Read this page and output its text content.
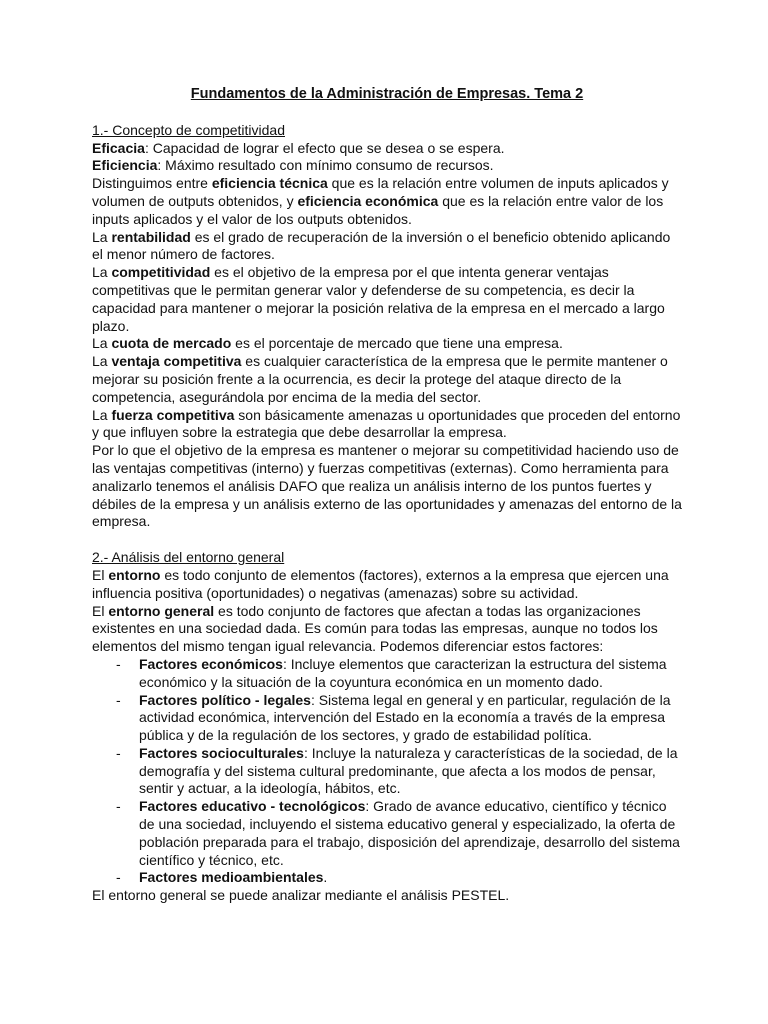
Fundamentos de la Administración de Empresas. Tema 2
1.- Concepto de competitividad

Eficacia: Capacidad de lograr el efecto que se desea o se espera.

Eficiencia: Máximo resultado con mínimo consumo de recursos.

Distinguimos entre eficiencia técnica que es la relación entre volumen de inputs aplicados y volumen de outputs obtenidos, y eficiencia económica que es la relación entre valor de los inputs aplicados y el valor de los outputs obtenidos.

La rentabilidad es el grado de recuperación de la inversión o el beneficio obtenido aplicando el menor número de factores.

La competitividad es el objetivo de la empresa por el que intenta generar ventajas competitivas que le permitan generar valor y defenderse de su competencia, es decir la capacidad para mantener o mejorar la posición relativa de la empresa en el mercado a largo plazo.

La cuota de mercado es el porcentaje de mercado que tiene una empresa.

La ventaja competitiva es cualquier característica de la empresa que le permite mantener o mejorar su posición frente a la ocurrencia, es decir la protege del ataque directo de la competencia, asegurándola por encima de la media del sector.

La fuerza competitiva son básicamente amenazas u oportunidades que proceden del entorno y que influyen sobre la estrategia que debe desarrollar la empresa.

Por lo que el objetivo de la empresa es mantener o mejorar su competitividad haciendo uso de las ventajas competitivas (interno) y fuerzas competitivas (externas). Como herramienta para analizarlo tenemos el análisis DAFO que realiza un análisis interno de los puntos fuertes y débiles de la empresa y un análisis externo de las oportunidades y amenazas del entorno de la empresa.

2.- Análisis del entorno general

El entorno es todo conjunto de elementos (factores), externos a la empresa que ejercen una influencia positiva (oportunidades) o negativas (amenazas) sobre su actividad.

El entorno general es todo conjunto de factores que afectan a todas las organizaciones existentes en una sociedad dada. Es común para todas las empresas, aunque no todos los elementos del mismo tengan igual relevancia. Podemos diferenciar estos factores:

- Factores económicos: Incluye elementos que caracterizan la estructura del sistema económico y la situación de la coyuntura económica en un momento dado.
- Factores político - legales: Sistema legal en general y en particular, regulación de la actividad económica, intervención del Estado en la economía a través de la empresa pública y de la regulación de los sectores, y grado de estabilidad política.
- Factores socioculturales: Incluye la naturaleza y características de la sociedad, de la demografía y del sistema cultural predominante, que afecta a los modos de pensar, sentir y actuar, a la ideología, hábitos, etc.
- Factores educativo - tecnológicos: Grado de avance educativo, científico y técnico de una sociedad, incluyendo el sistema educativo general y especializado, la oferta de población preparada para el trabajo, disposición del aprendizaje, desarrollo del sistema científico y técnico, etc.
- Factores medioambientales.

El entorno general se puede analizar mediante el análisis PESTEL.
